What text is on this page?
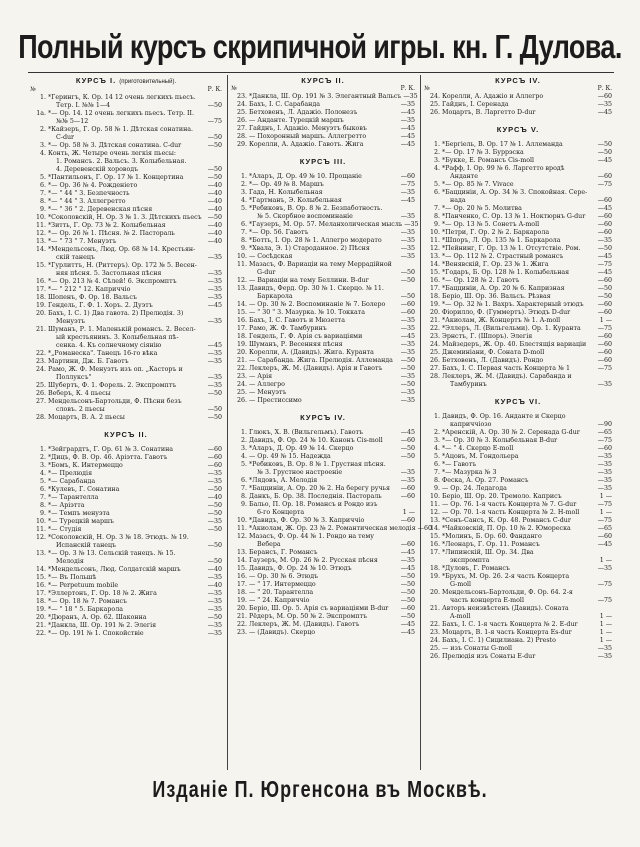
Полный курсъ скрипичной игры. кн. Г. Дулова.
КУРСЪ I. (приготовительный).
№	Р. К.
1. *Герингъ, К. Ор. 14 12 очень легкихъ пьесъ.
Тетр. I. №№ 1—4	—50
1а. *— Ор. 14. 12 очень легкихъ пьесъ. Тетр. II.
№№ 5—12	—75
2. *Кайзеръ, Г. Ор. 58 № 1. Дѣтская сонатина.
C-dur	—50
3. *— Ор. 58 № 3. Дѣтская сонатина. C-dur	—50
4. Конть, Ж. Четыре очень легкія пьесы:
1. Романсъ. 2. Вальсъ. 3. Колыбельная.
4. Деревенскій хороводъ	—50
5. *Пантильонъ, Г. Ор. 17 № 1. Концертина	—50
6. *— Ор. 36 № 4. Рожденіето	—40
7. *— " 44 " 3. Безпечность	—40
8. *— " 44 " 3. Аллегретто	—40
9. *— " 36 " 2. Деревенская пѣсня	—40
10. *Соколовскій, Н. Ор. 3 № 1. 3. Дѣтскихъ пьесъ —50
11. *Зитть, Г. Ор. 73 № 2. Колыбельная	—40
12. *— Ор. 26 № 1. Пѣсня. № 2. Пастораль	—40
13. *— " 73 " 7. Менуэтъ	—40
14. *Мендельсонъ, Люд. Ор. 68 № 14. Крестьян-
скій танецъ	—35
15. *Гурлиттъ, Н. (Риттеръ). Ор. 172 № 5. Весен-
няя пѣсня. 5. Застольная пѣсня	—35
16. *— Ор. 213 № 4. Сѣлей! 6. Экспромптъ	—35
17. *— " 212 " 12. Каприччіо	—35
18. Шопенъ, Ф. Ор. 18. Вальсъ	—35
19. Гендель, Г. Ф. 1. Хоръ. 2. Дуэтъ	—45
20. Бахъ, І. С. 1) Два гавота. 2) Прелюдія. 3)
Менуэтъ	—35
21. Шуманъ, Р. 1. Маленькій романсъ. 2. Весел-
ый крестьянинъ. 3. Колыбельная пѣ-
сенка. 4. Къ солнечному сіянію	—45
22. *„Романеска". Танецъ 16-го вѣка	—35
23. Мартини, Дж. Б. Гавотъ	—35
24. Рамо, Ж. Ф. Менуэтъ изъ оп. „Касторъ и
Поллуксъ"	—35
25. Шубертъ, Ф. 1. Форель. 2. Экспромптъ	—35
26. Веберъ, К. 4 пьесы	—50
27. Мендельсонъ-Бартольди, Ф. Пѣсни безъ
словъ. 2 пьесы	—50
28. Моцартъ, В. А. 2 пьесы	—50
КУРСЪ II.
1. *Зейгрардтъ, Г. Ор. 61 № 3. Сонатина	—60
2. *Дицъ, Ф. В. Ор. 46. Аріэтта. Гавотъ	—60
3. *Бомъ, К. Интермеццо	—60
4. *— Прелюдія	—35
5. *— Сарабанда	—35
6. *Кулевъ, Г. Сонатина	—50
7. *— Тарантелла	—40
8. *— Аріэтта	—50
9. *— Темпъ менуэта	—50
10. *— Турецкій маршъ	—35
11. *— Студія	—50
12. *Соколовскій, Н. Ор. 3 № 18. Этюдъ. № 19.
Испанскій танецъ	—50
13. *— Ор. 3 № 13. Сельскій танецъ. № 15.
Мелодія	—50
14. *Мендельсонъ, Люд. Солдатскій маршъ	—40
15. *— Въ Польшѣ	—35
16. *— Perpetuum mobile	—40
17. *Эллертонъ, Г. Ор. 18 № 2. Жига	—35
18. *— Ор. 18 № 7. Романсъ	—35
19. *— " 18 " 5. Баркарола	—35
20. *Дюранъ, А. Ор. 62. Шаконна	—50
21. *Данкла, Ш. Ор. 191 № 2. Элегія	—35
22. *— Ор. 191 № 1. Спокойствіе	—35
КУРСЪ II.
№	Р. К.
23. *Данкла, Ш. Ор. 191 № 3. Элегантный Вальсъ —35
24. Бахъ, І. С. Сарабанда	—35
25. Бетховенъ, Л. Адажіо. Полонезъ	—45
26. — Андантe. Турецкій маршъ	—35
27. Гайднъ, І. Адажіо. Менуэтъ быковъ	—45
28. — Похоронный маршъ. Аллегретто	—45
29. Корелли, А. Адажіо. Гавотъ. Жига	—45
КУРСЪ III.
1. *Аларъ, Д. Ор. 49 № 10. Прощаніе	—60
2. *— Ор. 49 № 8. Маршъ	—75
3. Гада, Н. Колыбельная	—35
4. *Гартманъ, Э. Колыбельная	—45
5. *Ребиковъ, В. Ор. 8 № 2. Безпаботность.
№ 5. Скорбное воспоминаніе	—35
6. *Гаузеръ, М. Ор. 57. Меланхолическая мысль —35
7. *— Ор. 56. Гавотъ	—35
8. *Ботть, І. Ор. 28 № 1. Аллегро модерато	—35
9. *Хвала, Э. 1) Староданное. 2) Пѣсня	—35
10. — Сосѣдская	—35
11. Мазасъ, Ф. Вариаціи на тему Меррадійной
G-dur	—50
12. — Вариаціи на тему Беллини. B-dur	—50
13. Давидъ, Ферд. Ор. 30 № 1. Скерцо. № 11.
Баркарола	—50
14. — Ор. 30 № 2. Воспоминаніе № 7. Болеро	—60
15. — " 30 " 3. Мазурка. № 10. Токката	—60
16. Бахъ, І. С. Гавотъ и Мюзетта	—35
17. Рамо, Ж. Ф. Тамбуринъ	—35
18. Гендель, Г. Ф. Арія съ вариаціями	—45
19. Шуманъ, Р. Весенняя пѣсня	—35
20. Корелли, А. (Давидъ). Жига. Куранта	—35
21. — Сарабанда. Жига. Прелюдія. Аллеманда	—50
22. Леклеръ, Ж. М. (Давидъ). Арія и Гавотъ	—50
23. — Арія	—35
24. — Аллегро	—50
25. — Менуэтъ	—35
26. — Престиссимо	—35
КУРСЪ IV.
1. Глюкъ, Х. В. (Вильгельмъ). Гавотъ	—45
2. Давидъ, Ф. Ор. 24 № 10. Канонъ Cis-moll	—60
3. *Аларъ, Д. Ор. 49 № 14. Скерцо	—50
4. — Ор. 49 № 15. Надежда	—50
5. *Ребиковъ, В. Ор. 8 № 1. Грустная пѣсня.
№ 3. Грустное настроеніе	—35
6. *Лядовъ, А. Мелодія	—35
7. *Бацциніи, А. Ор. 20 № 2. На берегу ручья	—60
8. Данкъ, Б. Ор. 38. Последнія. Пастораль	—60
9. Бальо, П. Ор. 18. Романсъ и Рондо изъ
6-го Концерта	1 —
10. *Давидъ, Ф. Ор. 30 № 3. Каприччіо	—60
11. *Акиолам, Ж. Ор. 23 № 2. Романтическая мелодія —60
12. Мазасъ, Ф. Ор. 44 № 1. Рондо на тему
Вебера	—60
13. Берансъ, Г. Романсъ	—45
14. Гаузеръ, М. Ор. 26 № 2. Русская пѣсня	—35
15. Давидъ, Ф. Ор. 24 № 10. Этюдъ	—45
16. — Ор. 30 № 6. Этюдъ	—50
17. — " 17. Интермеццо	—50
18. — " 20. Тарантелла	—50
19. — " 24. Каприччіо	—50
20. Беріо, Ш. Ор. 5. Арія съ вариаціями B-dur	—60
21. Рёдеръ, М. Ор. 50 № 2. Экспромптъ	—50
22. Леклеръ, Ж. М. (Давидъ). Гавотъ	—45
23. — (Давидъ). Скерцо	—45
КУРСЪ IV.
№	Р. К.
24. Корелли, А. Адажіо и Аллегро	—60
25. Гайднъ, І. Серенада	—35
26. Моцартъ, В. Ларгетто D-dur	—45
КУРСЪ V.
1. *Бергіель, В. Ор. 17 № 1. Аллеманда	—50
2. *— Ор. 17 № 3. Буррэска	—50
3. *Букке, Е. Романсъ Cis-moll	—45
4. *Рафф, І. Ор. 99 № 6. Ларгетто вродѣ
Анданте	—60
5. *— Ор. 85 № 7. Vivace	—75
6. *Бацциніи, А. Ор. 34 № 3. Спокойная. Сере-
нада	—60
7. *— Ор. 20 № 5. Молитва	—45
8. *Панченко, С. Ор. 13 № 1. Ноктюрнъ G-dur	—60
9. *— Ор. 13 № 5. Сонетъ A-moll	—60
10. *Петри, Г. Ор. 2 № 2. Баркарола	—60
11. *Шпоръ, Л. Ор. 135 № 1. Баркарола	—35
12. *Пейнинг, Г. Ор. 13 № 1. Отсутствіе. Ром.	—50
13. *— Ор. 112 № 2. Страстный романсъ	—45
14. *Венявскій, Г. Ор. 23 № 1. Жига	—75
15. *Годаръ, Б. Ор. 128 № 1. Колыбельная	—45
16. *— Ор. 128 № 2. Гавотъ	—60
17. *Бацциніи, А. Ор. 20 № 6. Капризная	—50
18. Беріо, Ш. Ор. 36. Вальсъ. Рѣзвая	—50
19. *— Ор. 32 № 1. Вахръ. Характерный этюдъ	—60
20. Фіорилло, Ф. (Гуммертъ). Этюдъ D-dur	—60
21. *Акиолам, Ж. Концертъ № 1. A-moll	1 —
22. *Эллеръ, Л. (Вильгельми). Ор. 1. Куранта	—75
23. Эрнстъ, Г. (Шпоръ). Элегія	—60
24. Майзедеръ, Ж. Ор. 40. Блестящія вариаціи	—60
25. Джеминіани, Ф. Соната D-moll	—60
26. Бетховенъ, Л. (Давидъ). Рондо	—60
27. Бахъ, І. С. Первая часть Концерта № 1	—75
28. Леклеръ, Ж. М. (Давидъ). Сарабанда и
Тамбуринъ	—35
КУРСЪ VI.
1. Давидъ, Ф. Ор. 16. Андантe и Скерцо
каприччіозо	—90
2. *Аренскій, А. Ор. 30 № 2. Серенада G-dur	—65
3. *— Ор. 30 № 3. Колыбельная B-dur	—75
4. *— " 4. Скерцо E-moll	—60
5. *Ацовъ, М. Гондольера	—35
6. *— Гавотъ	—35
7. *— Мазурка № 3	—35
8. Феска, А. Ор. 27. Романсъ	—35
9. — Ор. 24. Ледагода	—35
10. Беріо, Ш. Ор. 20. Тремоло. Каприсъ	1 —
11. — Ор. 76. 1-я часть Концерта № 7. G-dur	—75
12. — Ор. 70. 1-я часть Концерта № 2. H-moll	1 —
13. *Сенъ-Сансъ, К. Ор. 48. Романсъ C-dur	—75
14. *Чайковскій, П. Ор. 10 № 2. Юмореска	—65
15. *Молинъ, Б. Ор. 60. Фанданго	—60
16. *Леонаръ, Г. Ор. 11. Романсъ	—45
17. *Липинскій, Ш. Ор. 34. Два
экспромптa	1 —
18. *Дуловъ, Г. Романсъ	—35
19. *Брухъ, М. Ор. 26. 2-я часть Концерта
G-moll	—75
20. Мендельсонъ-Бартольди, Ф. Ор. 64. 2-я
часть концерта E-moll	—75
21. Авторъ неизвѣстенъ (Давидъ). Соната
A-moll	1 —
22. Бахъ, І. С. 1-я часть Концерта № 2. E-dur	1 —
23. Моцартъ, В. 1-я часть Концерта Es-dur	1 —
24. Бахъ, І. С. 1) Сицилиана. 2) Presto	1 —
25. — изъ Сонаты G-moll	—35
26. Прелюдія изъ Сонаты E-dur	—35
Изданіе П. Юргенсона въ Москвѣ.
